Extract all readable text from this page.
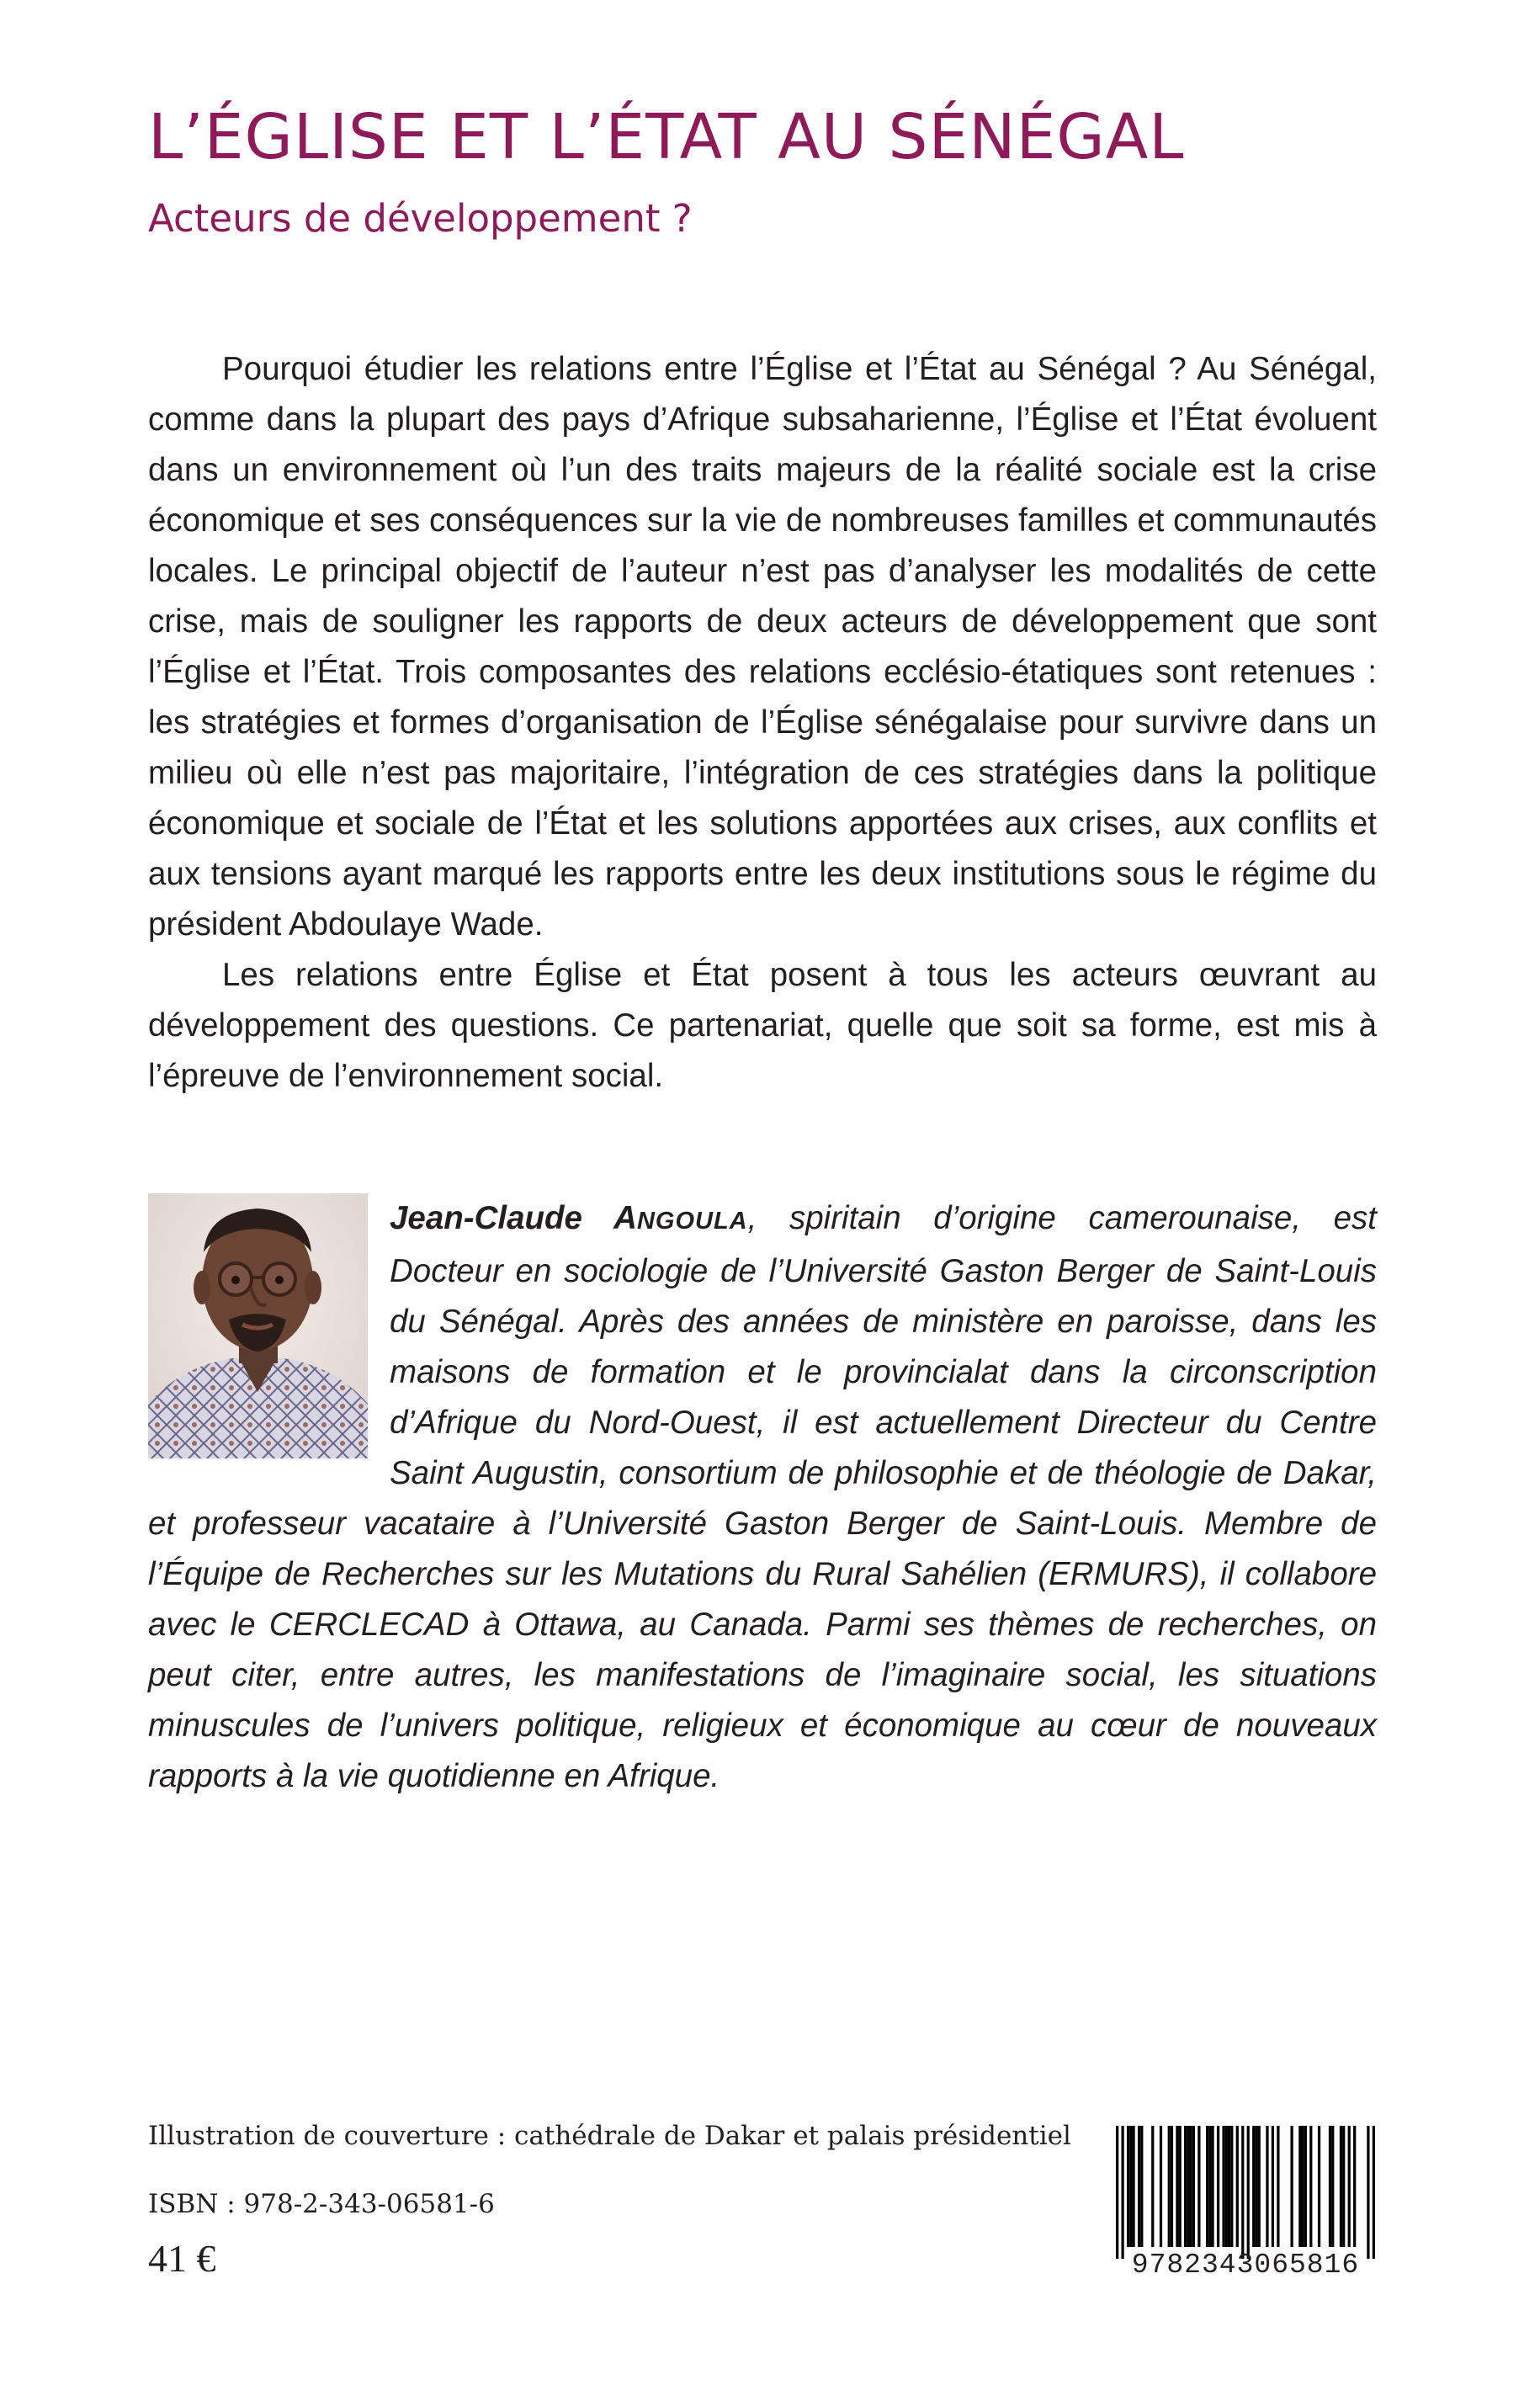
L’ÉGLISE ET L’ÉTAT AU SÉNÉGAL
Acteurs de développement ?

Pourquoi étudier les relations entre l’Église et l’État au Sénégal ? Au Sénégal, comme dans la plupart des pays d’Afrique subsaharienne, l’Église et l’État évoluent dans un environnement où l’un des traits majeurs de la réalité sociale est la crise économique et ses conséquences sur la vie de nombreuses familles et communautés locales. Le principal objectif de l’auteur n’est pas d’analyser les modalités de cette crise, mais de souligner les rapports de deux acteurs de développement que sont l’Église et l’État. Trois composantes des relations ecclésio-étatiques sont retenues : les stratégies et formes d’organisation de l’Église sénégalaise pour survivre dans un milieu où elle n’est pas majoritaire, l’intégration de ces stratégies dans la politique économique et sociale de l’État et les solutions apportées aux crises, aux conflits et aux tensions ayant marqué les rapports entre les deux institutions sous le régime du président Abdoulaye Wade.

Les relations entre Église et État posent à tous les acteurs œuvrant au développement des questions. Ce partenariat, quelle que soit sa forme, est mis à l’épreuve de l’environnement social.

Jean-Claude ANGOULA, spiritain d’origine camerounaise, est Docteur en sociologie de l’Université Gaston Berger de Saint-Louis du Sénégal. Après des années de ministère en paroisse, dans les maisons de formation et le provincialat dans la circonscription d’Afrique du Nord-Ouest, il est actuellement Directeur du Centre Saint Augustin, consortium de philosophie et de théologie de Dakar, et professeur vacataire à l’Université Gaston Berger de Saint-Louis. Membre de l’Équipe de Recherches sur les Mutations du Rural Sahélien (ERMURS), il collabore avec le CERCLECAD à Ottawa, au Canada. Parmi ses thèmes de recherches, on peut citer, entre autres, les manifestations de l’imaginaire social, les situations minuscules de l’univers politique, religieux et économique au cœur de nouveaux rapports à la vie quotidienne en Afrique.

Illustration de couverture : cathédrale de Dakar et palais présidentiel
ISBN : 978-2-343-06581-6
41 €	9782343065816
